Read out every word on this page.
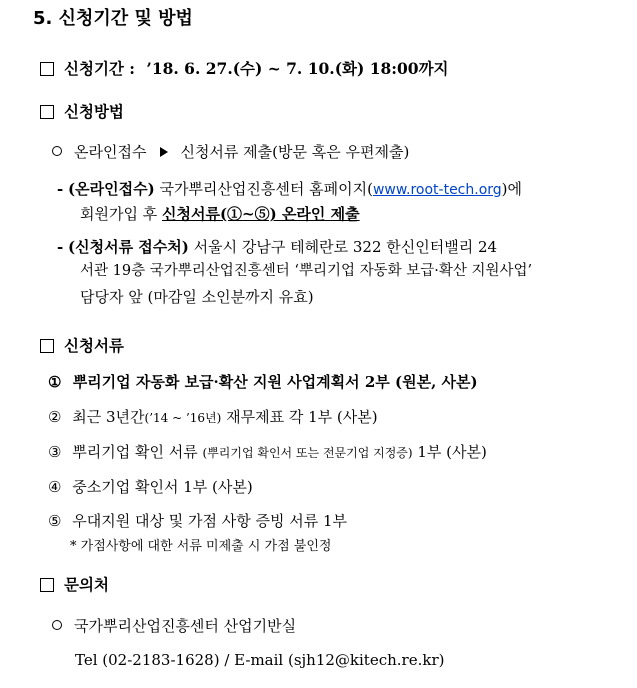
5. 신청기간 및 방법
신청기간 : ’18. 6. 27.(수) ~ 7. 10.(화) 18:00까지
신청방법
온라인접수 신청서류 제출(방문 혹은 우편제출)
- (온라인접수) 국가뿌리산업진흥센터 홈페이지(www.root-tech.org)에
회원가입 후 신청서류(①~⑤) 온라인 제출
- (신청서류 접수처) 서울시 강남구 테헤란로 322 한신인터밸리 24
서관 19층 국가뿌리산업진흥센터 ‘뿌리기업 자동화 보급·확산 지원사업’
담당자 앞 (마감일 소인분까지 유효)
신청서류
① 뿌리기업 자동화 보급·확산 지원 사업계획서 2부 (원본, 사본)
② 최근 3년간(’14 ~ ’16년) 재무제표 각 1부 (사본)
③ 뿌리기업 확인 서류 (뿌리기업 확인서 또는 전문기업 지정증) 1부 (사본)
④ 중소기업 확인서 1부 (사본)
⑤ 우대지원 대상 및 가점 사항 증빙 서류 1부
* 가점사항에 대한 서류 미제출 시 가점 불인정
문의처
국가뿌리산업진흥센터 산업기반실
Tel (02-2183-1628) / E-mail (sjh12@kitech.re.kr)
